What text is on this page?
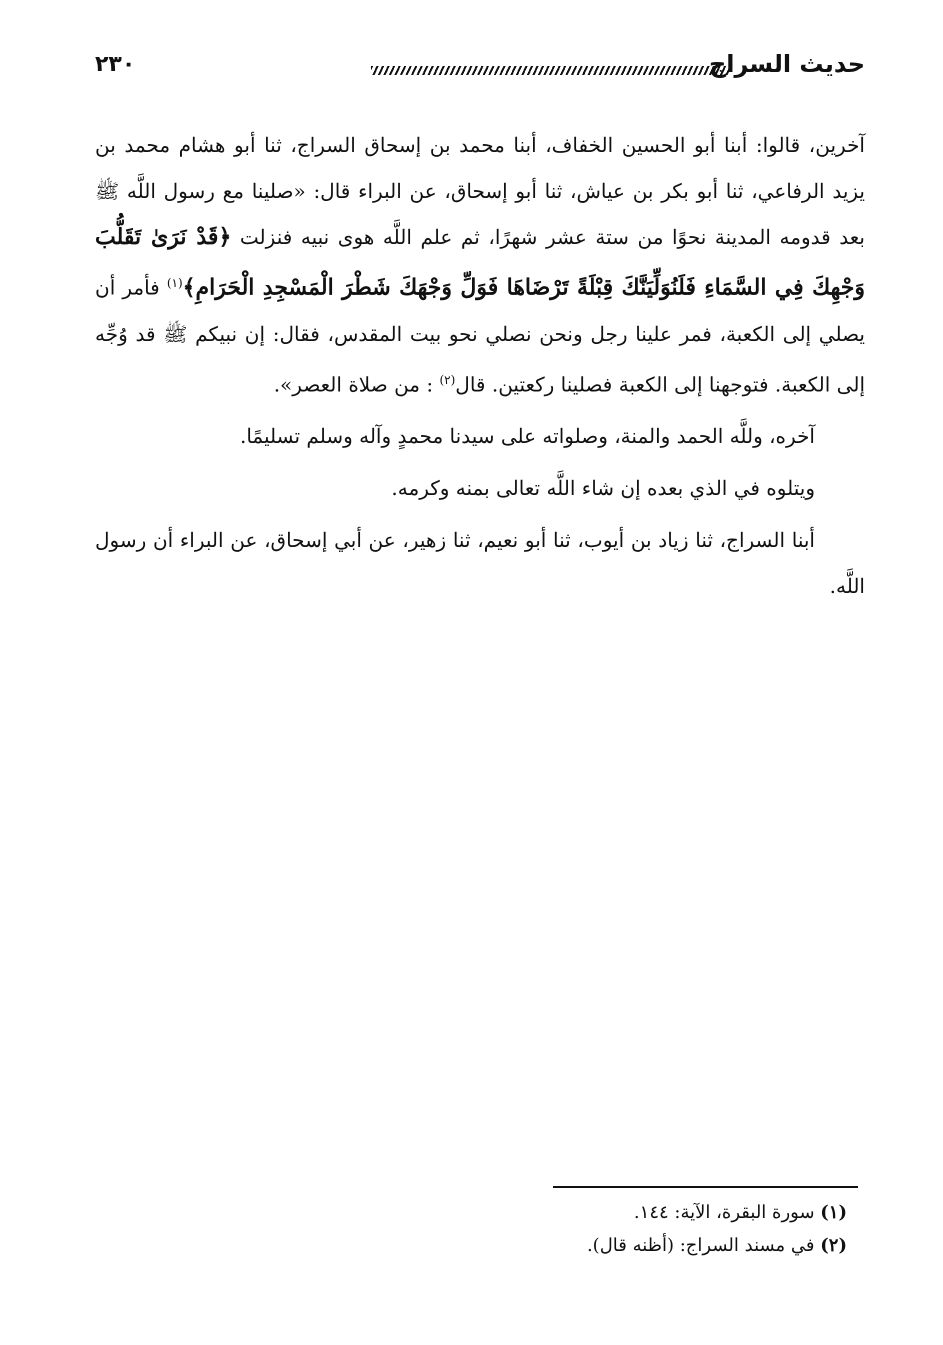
٢٣٠	حديث السراج

آخرين، قالوا: أبنا أبو الحسين الخفاف، أبنا محمد بن إسحاق السراج، ثنا أبو هشام محمد بن يزيد الرفاعي، ثنا أبو بكر بن عياش، ثنا أبو إسحاق، عن البراء قال: «صلينا مع رسول اللَّه ﷺ بعد قدومه المدينة نحوًا من ستة عشر شهرًا، ثم علم اللَّه هوى نبيه فنزلت ﴿قَدْ نَرَىٰ تَقَلُّبَ وَجْهِكَ فِي السَّمَاءِ فَلَنُوَلِّيَنَّكَ قِبْلَةً تَرْضَاهَا فَوَلِّ وَجْهَكَ شَطْرَ الْمَسْجِدِ الْحَرَامِ﴾$^{(١)}$ فأمر أن يصلي إلى الكعبة، فمر علينا رجل ونحن نصلي نحو بيت المقدس، فقال: إن نبيكم ﷺ قد وُجِّه إلى الكعبة. فتوجهنا إلى الكعبة فصلينا ركعتين. قال$^{(٢)}$ : من صلاة العصر».

آخره، وللَّه الحمد والمنة، وصلواته على سيدنا محمدٍ وآله وسلم تسليمًا.

ويتلوه في الذي بعده إن شاء اللَّه تعالى بمنه وكرمه.

أبنا السراج، ثنا زياد بن أيوب، ثنا أبو نعيم، ثنا زهير، عن أبي إسحاق، عن البراء أن رسول اللَّه.

(١) سورة البقرة، الآية: ١٤٤.

(٢) في مسند السراج: (أظنه قال).
